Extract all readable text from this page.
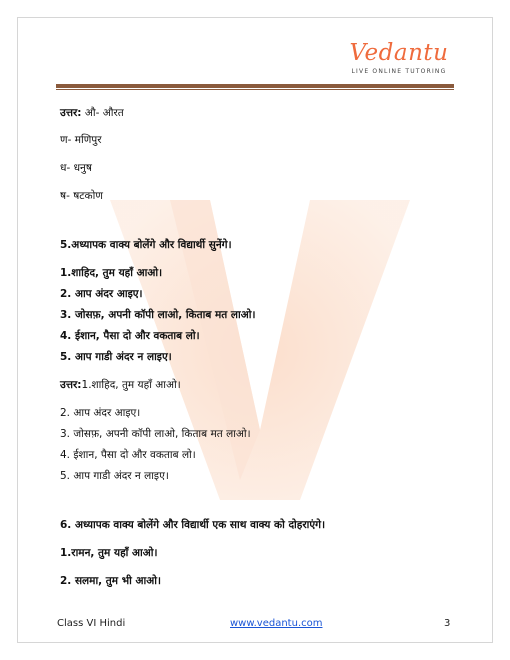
Vedantu
LIVE ONLINE TUTORING
उत्तर: औ- औरत
ण- मणिपुर
ध- धनुष
ष- षटकोण
5.अध्यापक वाक्य बोलेंगे और विद्यार्थी सुनेंगे।
1.शाहिद, तुम यहाँ आओ।
2. आप अंदर आइए।
3. जोसफ़, अपनी कॉपी लाओ, किताब मत लाओ।
4. ईशान, पैसा दो और वकताब लो।
5. आप गाडी अंदर न लाइए।
उत्तर:1.शाहिद, तुम यहाँ आओ।
2. आप अंदर आइए।
3. जोसफ़, अपनी कॉपी लाओ, किताब मत लाओ।
4. ईशान, पैसा दो और वकताब लो।
5. आप गाडी अंदर न लाइए।
6. अध्यापक वाक्य बोलेंगे और विद्यार्थी एक साथ वाक्य को दोहराएंगे।
1.रामन, तुम यहाँ आओ।
2. सलमा, तुम भी आओ।
Class VI Hindi	www.vedantu.com	3
